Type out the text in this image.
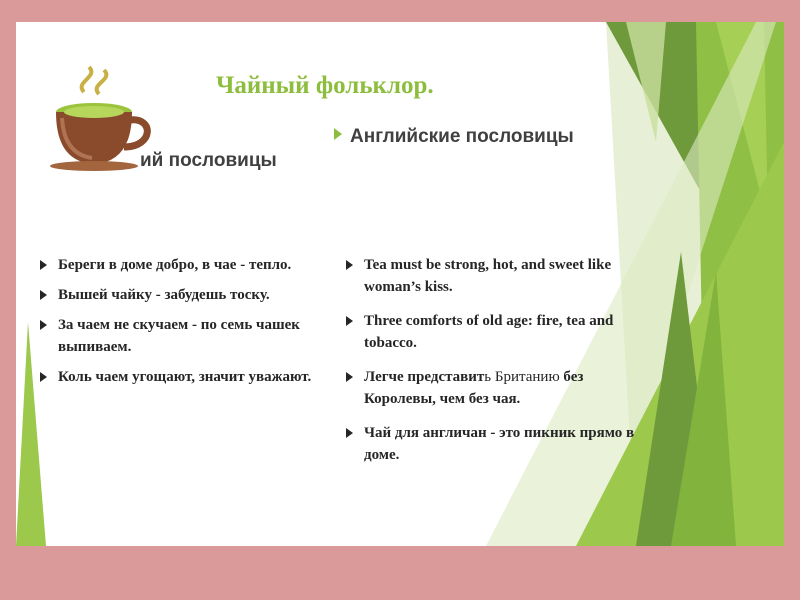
Чайный фольклор.
ий пословицы
Английские пословицы
Береги в доме добро, в чае - тепло.
Вышей чайку - забудешь тоску.
За чаем не скучаем - по семь чашек выпиваем.
Коль чаем угощают, значит уважают.
Tea must be strong, hot, and sweet like woman’s kiss.
Three comforts of old age: fire, tea and tobacco.
Легче представить Британию без Королевы, чем без чая.
Чай для англичан - это пикник прямо в доме.
